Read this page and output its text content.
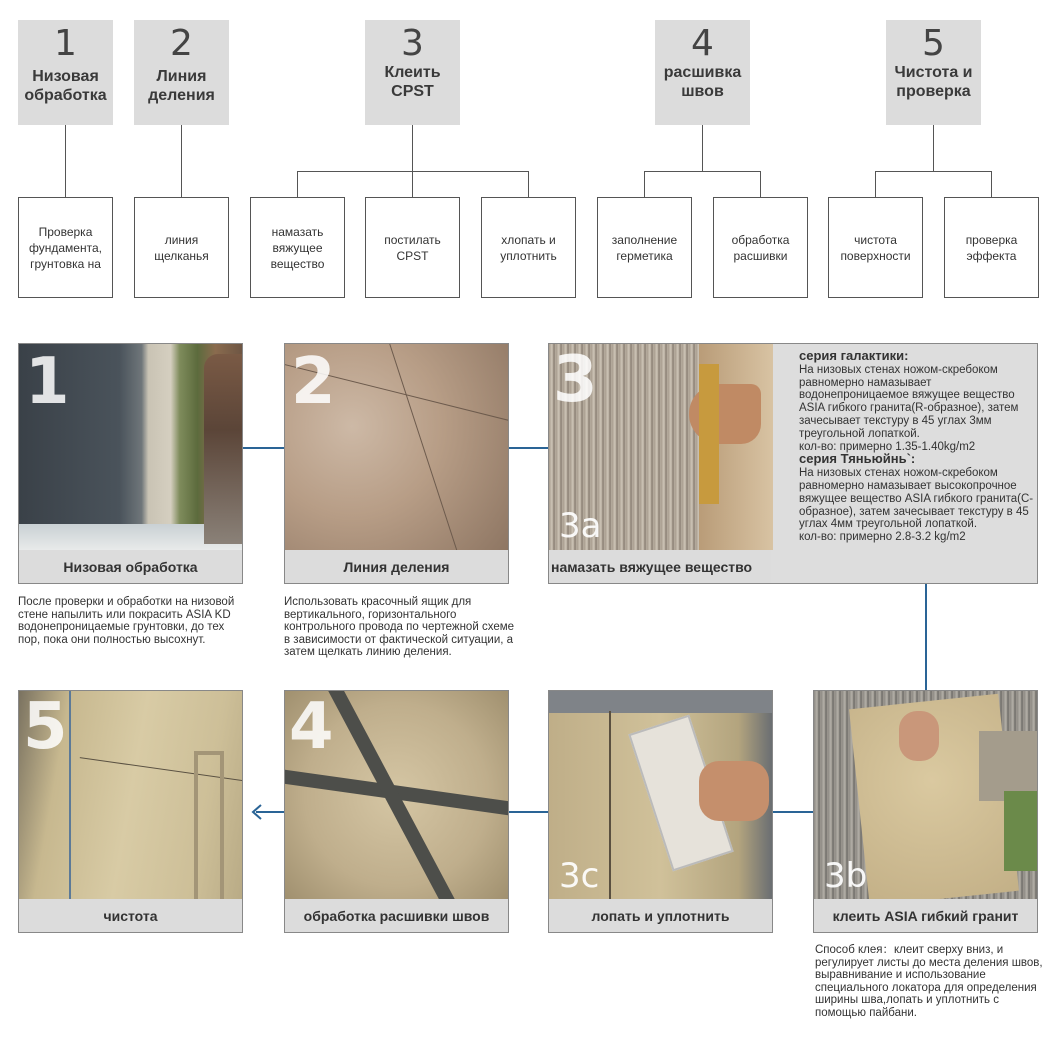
1
Низовая обработка
2
Линия деления
3
Клеить CPST
4
расшивка швов
5
Чистота и проверка
Проверка фундамента, грунтовка на
линия щелканья
намазать вяжущее вещество
постилать CPST
хлопать и уплотнить
заполнение герметика
обработка расшивки
чистота поверхности
проверка эффекта
1
Низовая обработка
2
Линия деления
3
3a
намазать вяжущее вещество
серия галактики:
На низовых стенах ножом-скребоком равномерно намазывает водонепроницаемое вяжущее вещество ASIA гибкого гранита(R-образное), затем зачесывает текстуру в 45 углах 3мм треугольной лопаткой.
кол-во: примерно 1.35-1.40kg/m2
серия Тяньюйнь`:
На низовых стенах ножом-скребоком равномерно намазывает высокопрочное вяжущее вещество ASIA гибкого гранита(C-образное), затем зачесывает текстуру в 45 углах 4мм треугольной лопаткой.
кол-во: примерно 2.8-3.2 kg/m2
После проверки и обработки на низовой стене напылить или покрасить ASIA KD водонепроницаемые грунтовки, до тех пор, пока они полностью высохнут.
Использовать красочный ящик для вертикального, горизонтального контрольного провода по чертежной схеме в зависимости от фактической ситуации, а затем щелкать линию деления.
5
чистота
4
обработка расшивки швов
3c
лопать и уплотнить
3b
клеить ASIA гибкий гранит
Способ клея：клеит сверху вниз, и регулирует листы до места деления швов, выравнивание и использование специального локатора для определения ширины шва,лопать и уплотнить с помощью пайбани.
